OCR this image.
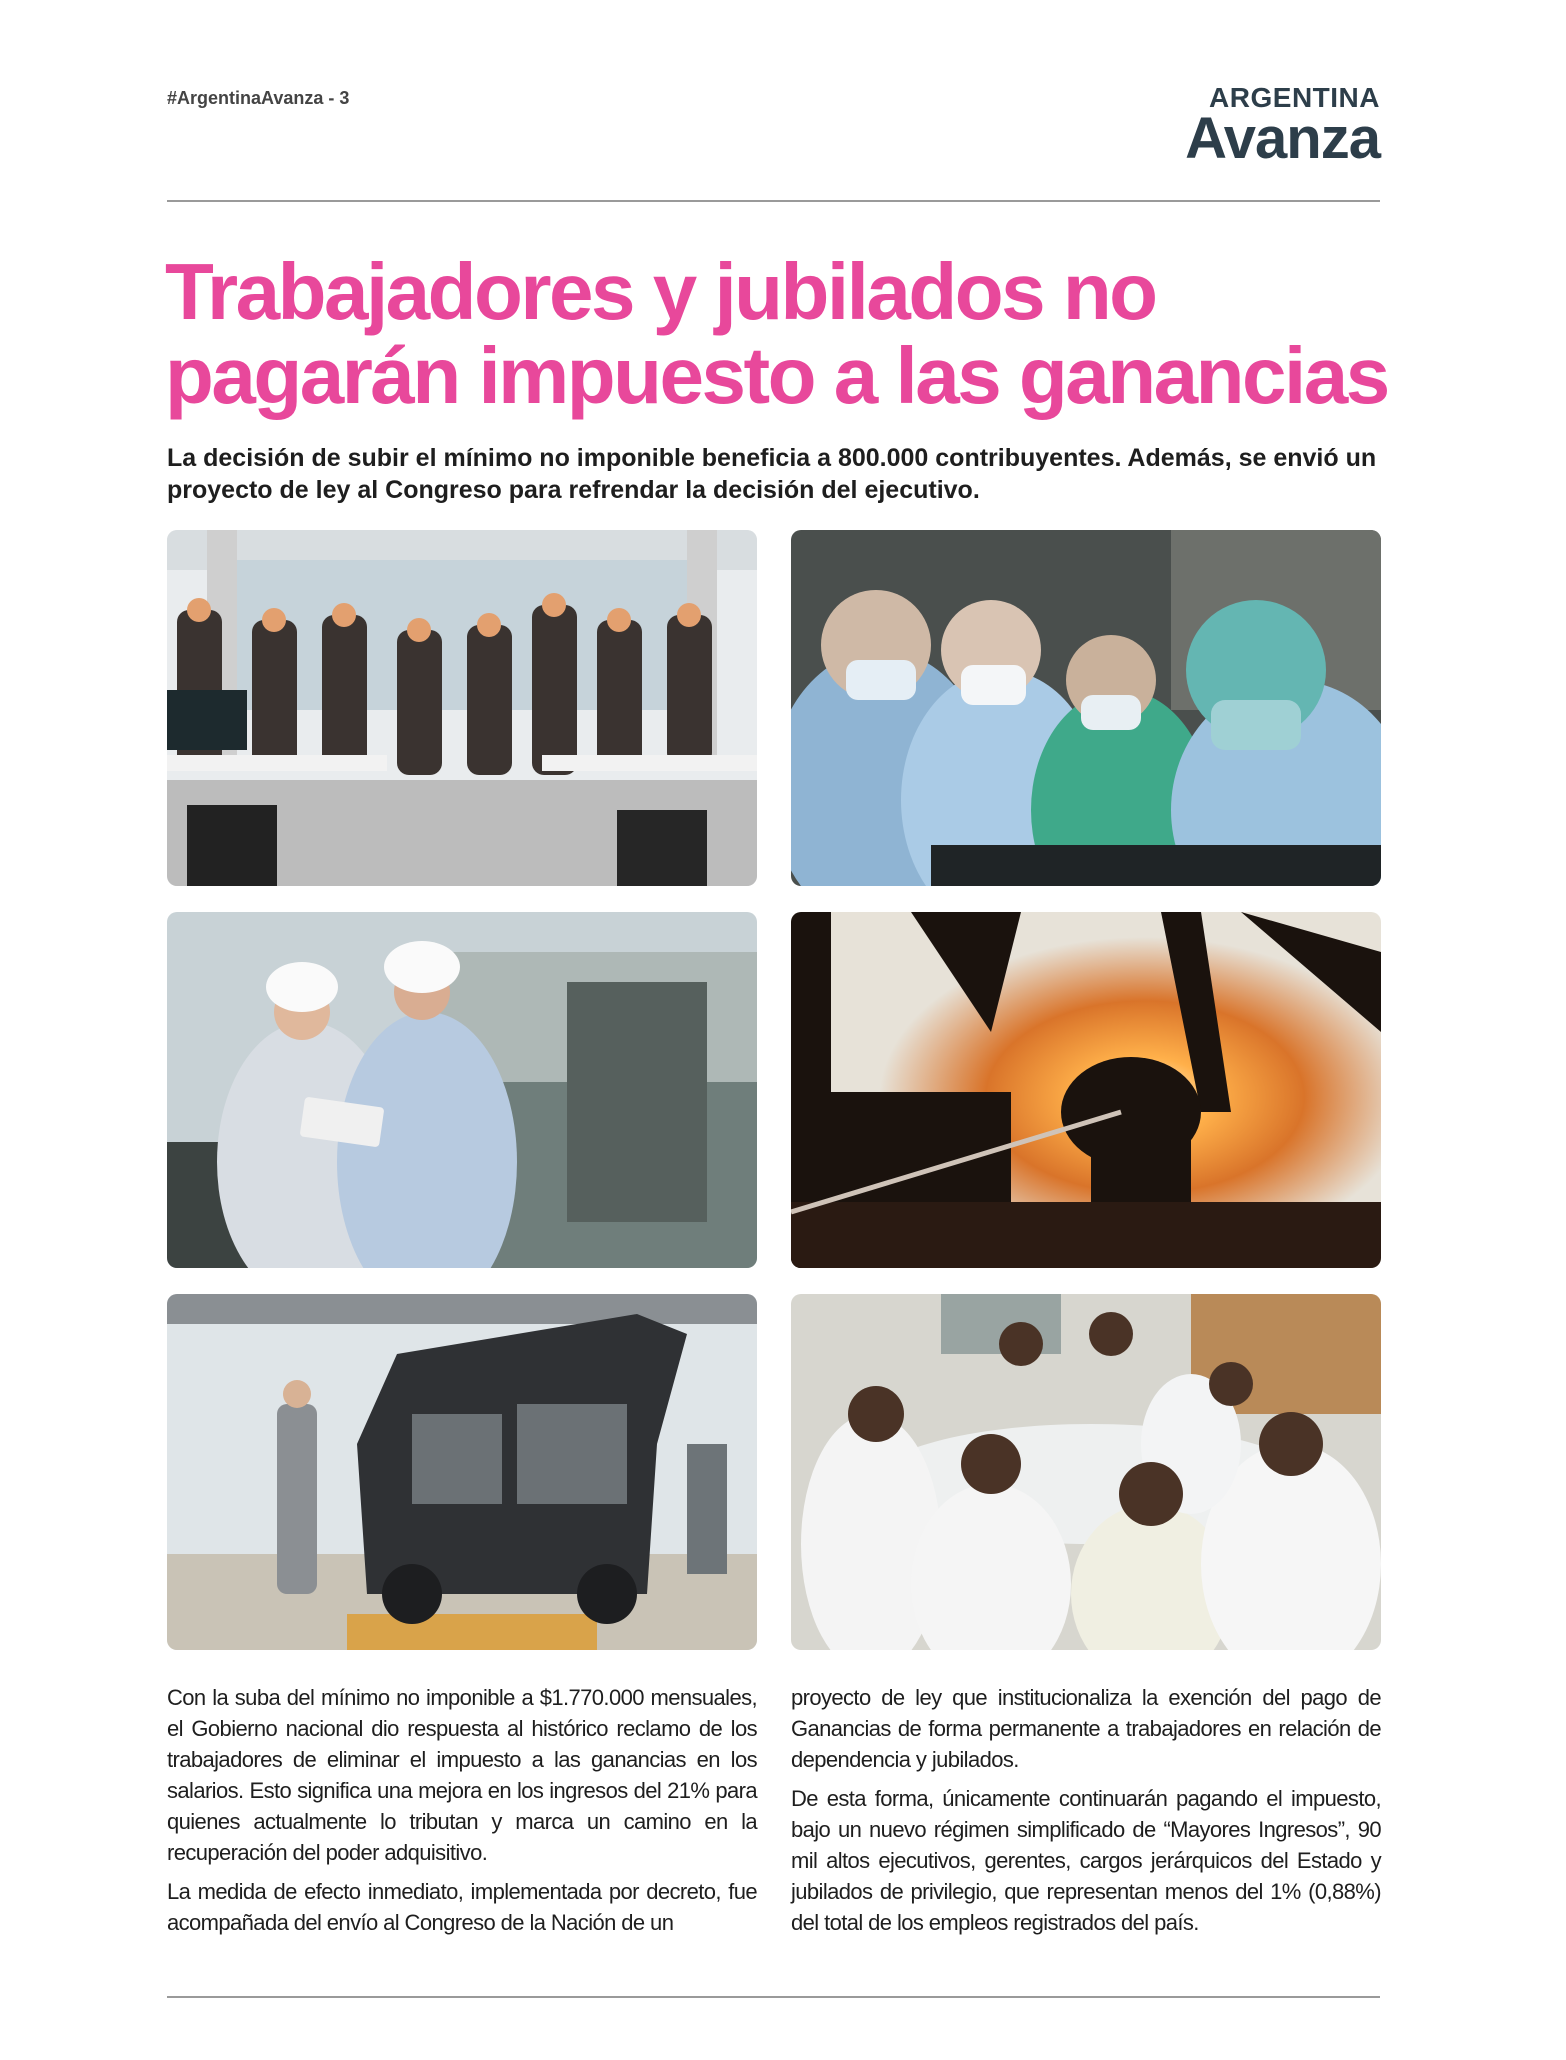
#ArgentinaAvanza - 3	ARGENTINA
Avanza
Trabajadores y jubilados no pagarán impuesto a las ganancias

La decisión de subir el mínimo no imponible beneficia a 800.000 contribuyentes. Además, se envió un proyecto de ley al Congreso para refrendar la decisión del ejecutivo.

Con la suba del mínimo no imponible a $1.770.000 mensuales, el Gobierno nacional dio respuesta al histórico reclamo de los trabajadores de eliminar el impuesto a las ganancias en los salarios. Esto significa una mejora en los ingresos del 21% para quienes actualmente lo tributan y marca un camino en la recuperación del poder adquisitivo.

La medida de efecto inmediato, implementada por decreto, fue acompañada del envío al Congreso de la Nación de un

proyecto de ley que institucionaliza la exención del pago de Ganancias de forma permanente a trabajadores en relación de dependencia y jubilados.

De esta forma, únicamente continuarán pagando el impuesto, bajo un nuevo régimen simplificado de “Mayores Ingresos”, 90 mil altos ejecutivos, gerentes, cargos jerárquicos del Estado y jubilados de privilegio, que representan menos del 1% (0,88%) del total de los empleos registrados del país.
